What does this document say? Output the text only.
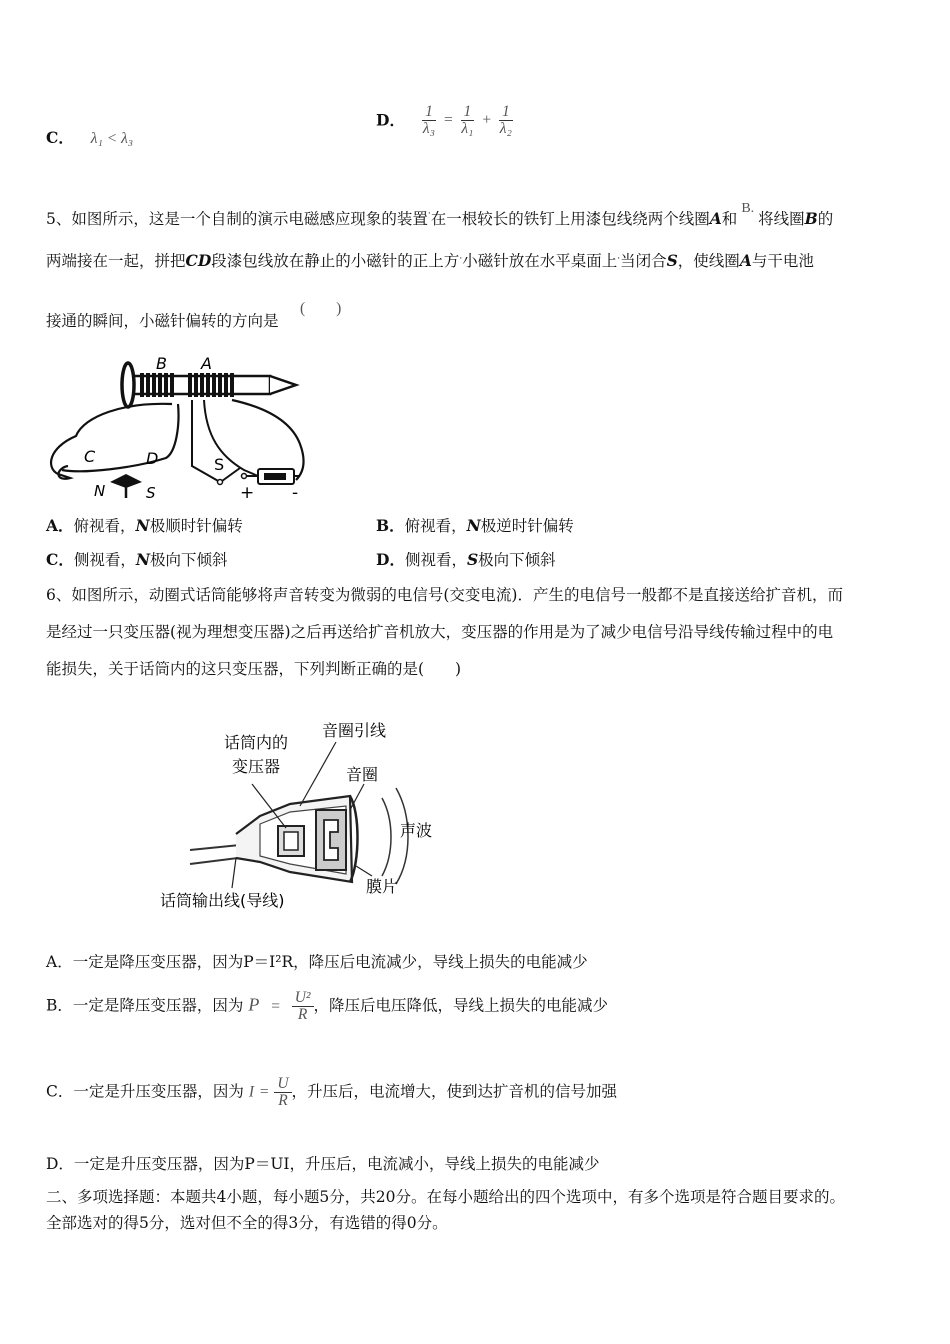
C． λ₁ < λ₃
D． $\frac{1}{\text{λ₃}} = \frac{1}{\text{λ₁}} + \frac{1}{\text{λ₂}}$
5、如图所示，这是一个自制的演示电磁感应现象的装置·在一根较长的铁钉上用漆包线绕两个线圈A和B.将线圈B的
两端接在一起，拼把CD段漆包线放在静止的小磁针的正上方·小磁针放在水平桌面上·当闭合S，使线圈A与干电池
接通的瞬间，小磁针偏转的方向是
(　　)
B A
C	D	S
N	S	+ -
A．俯视看，N极顺时针偏转	B．俯视看，N极逆时针偏转
C．侧视看，N极向下倾斜	D．侧视看，S极向下倾斜
6、如图所示，动圈式话筒能够将声音转变为微弱的电信号(交变电流)．产生的电信号一般都不是直接送给扩音机，而
是经过一只变压器(视为理想变压器)之后再送给扩音机放大，变压器的作用是为了减少电信号沿导线传输过程中的电
能损失，关于话筒内的这只变压器，下列判断正确的是(　　)
话筒内的
变压器
音圈引线
音圈
声波
膜片
话筒输出线(导线)
A．一定是降压变压器，因为P＝I²R，降压后电流减少，导线上损失的电能减少
B．一定是降压变压器，因为 $P = \frac{\text{U²}}{R}$ ，降压后电压降低，导线上损失的电能减少
C．一定是升压变压器，因为 $I = \frac{U}{R}$ ，升压后，电流增大，使到达扩音机的信号加强
D．一定是升压变压器，因为P＝UI，升压后，电流减小，导线上损失的电能减少
二、多项选择题：本题共4小题，每小题5分，共20分。在每小题给出的四个选项中，有多个选项是符合题目要求的。
全部选对的得5分，选对但不全的得3分，有选错的得0分。
